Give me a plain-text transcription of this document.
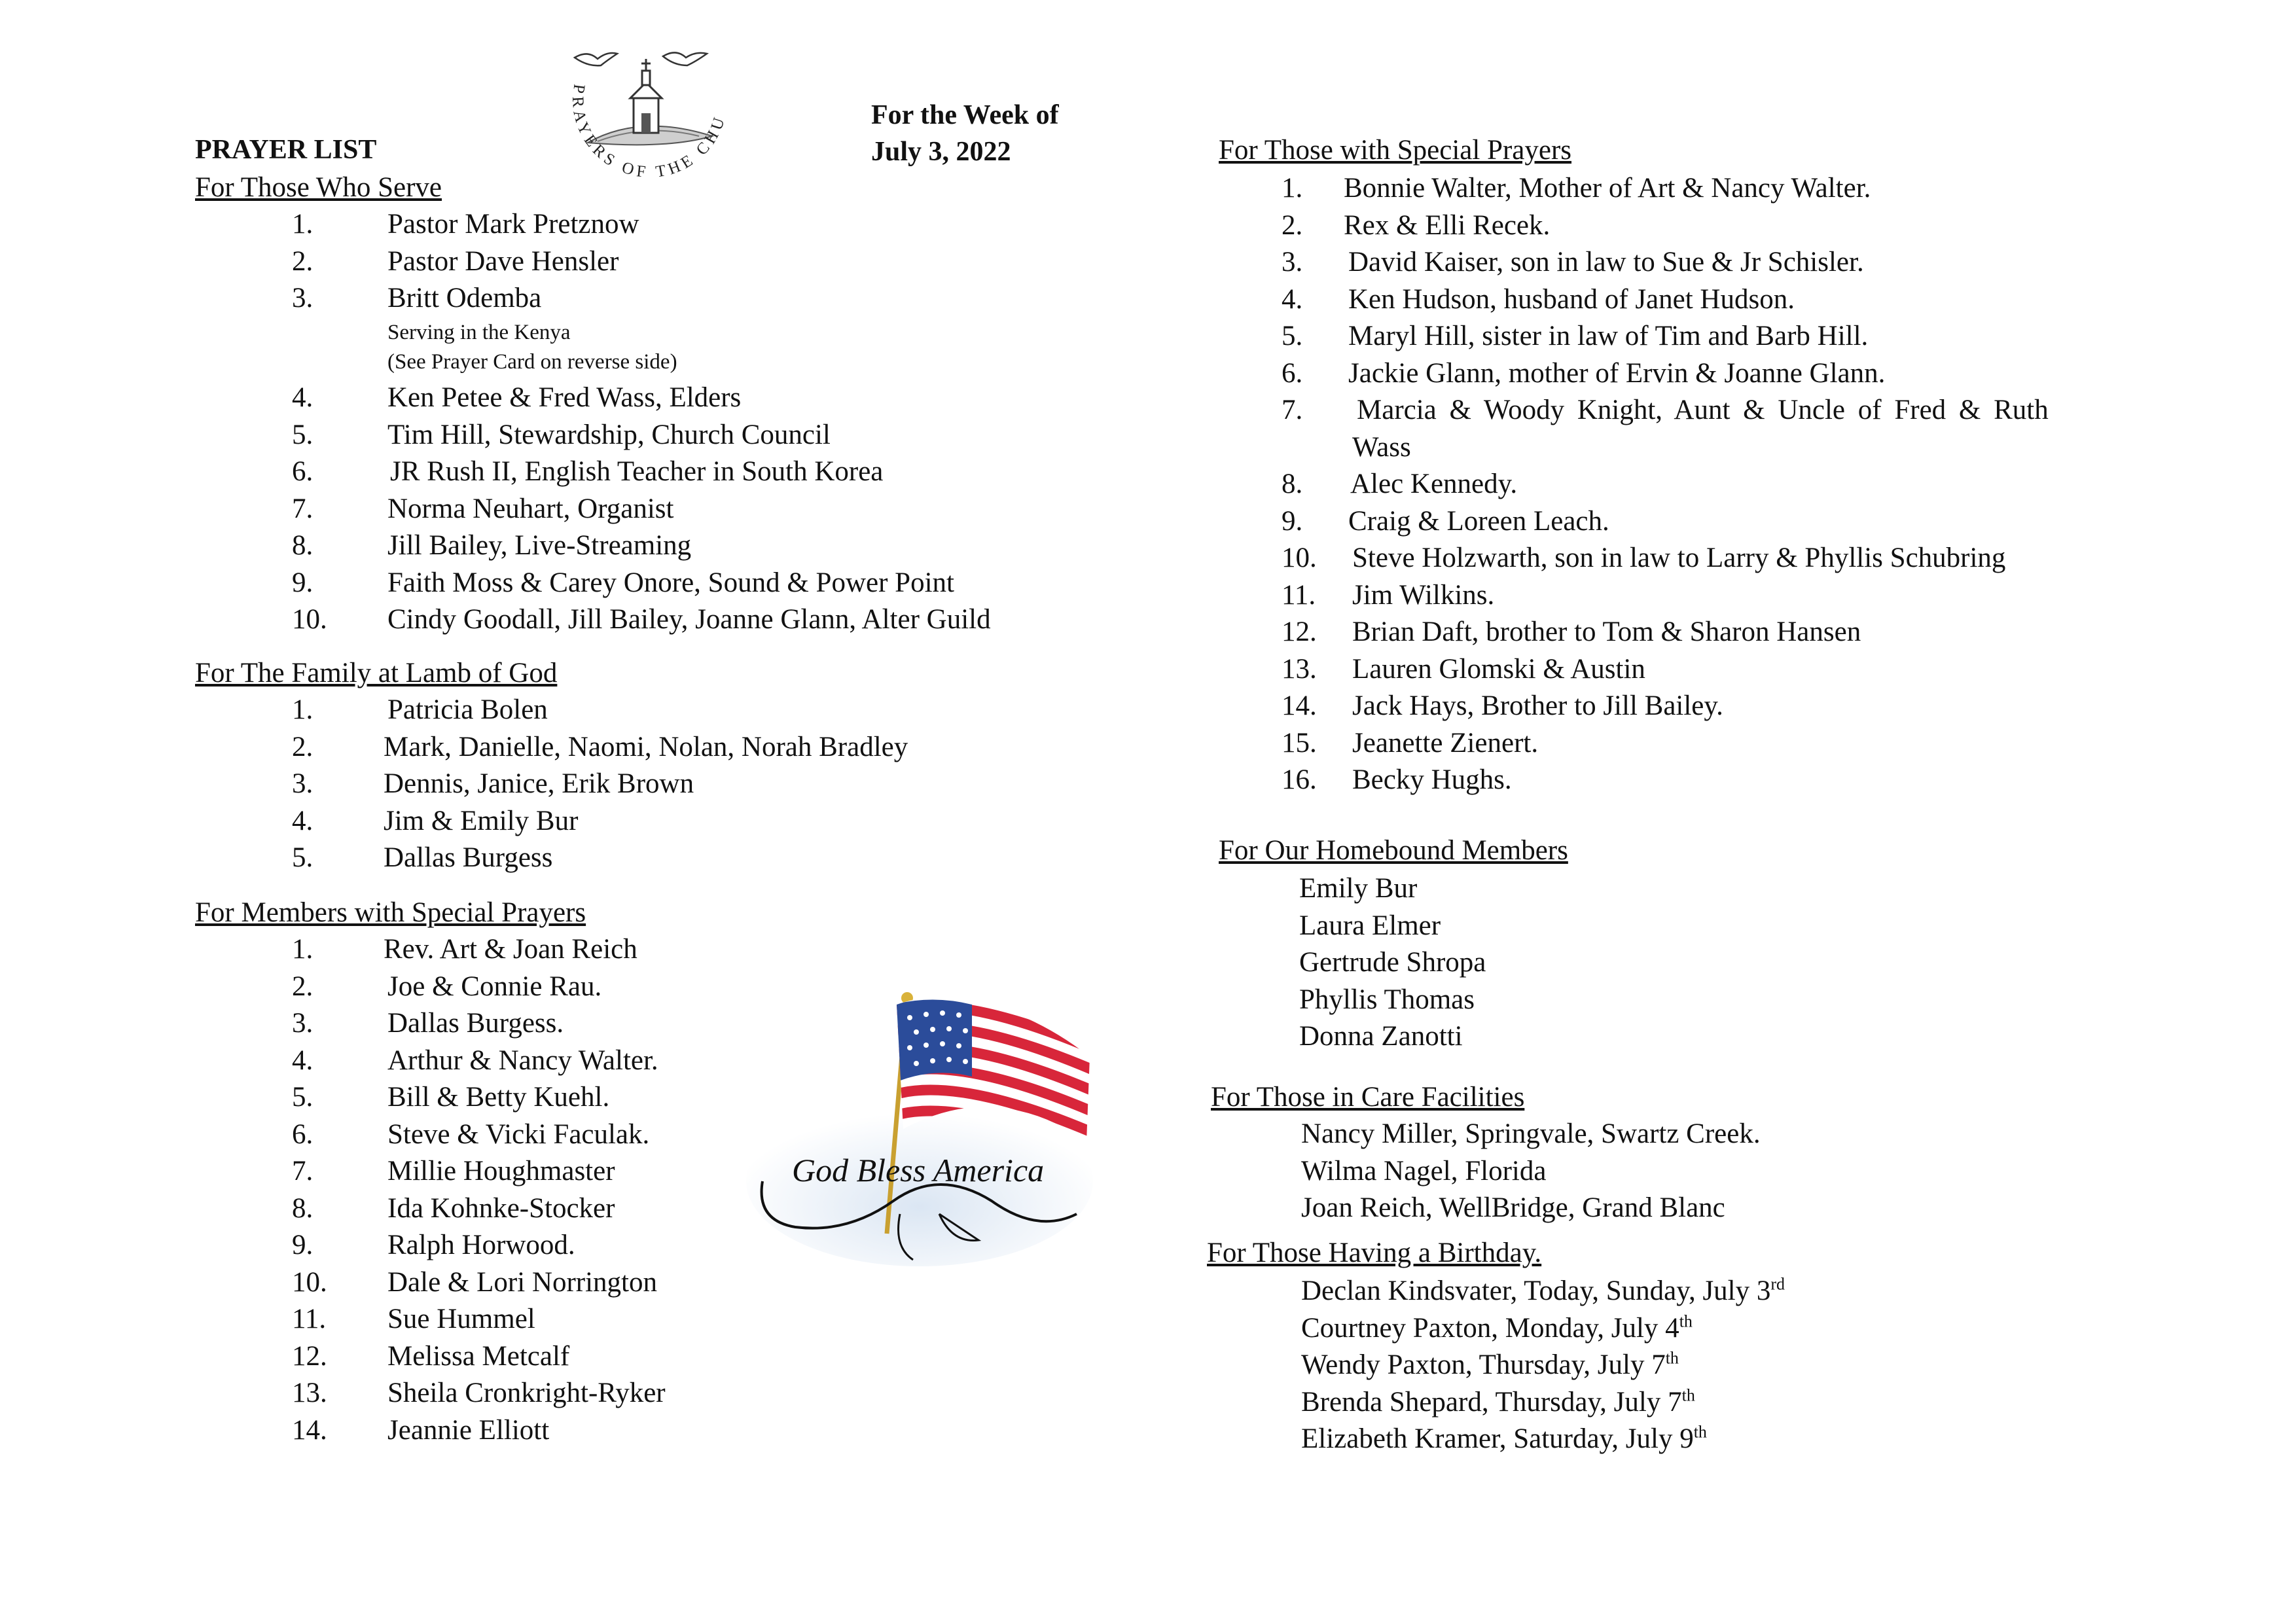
PRAYER LIST
For the Week of
July 3, 2022
PRAYERS OF THE CHU
For Those Who Serve
1.	Pastor Mark Pretznow
2.	Pastor Dave Hensler
3.	Britt Odemba
Serving in the Kenya
(See Prayer Card on reverse side)
4.	Ken Petee & Fred Wass, Elders
5.	Tim Hill, Stewardship, Church Council
6.	JR Rush II, English Teacher in South Korea
7.	Norma Neuhart, Organist
8.	Jill Bailey, Live-Streaming
9.	Faith Moss & Carey Onore, Sound & Power Point
10. Cindy Goodall, Jill Bailey, Joanne Glann, Alter Guild
For The Family at Lamb of God
1.	Patricia Bolen
2.	Mark, Danielle, Naomi, Nolan, Norah Bradley
3.	Dennis, Janice, Erik Brown
4.	Jim & Emily Bur
5.	Dallas Burgess
For Members with Special Prayers
1.	Rev. Art & Joan Reich
2.	Joe & Connie Rau.
3.	Dallas Burgess.
4.	Arthur & Nancy Walter.
5.	Bill & Betty Kuehl.
6.	Steve & Vicki Faculak.
7.	Millie Houghmaster
8.	Ida Kohnke-Stocker
9.	Ralph Horwood.
10. Dale & Lori Norrington
11. Sue Hummel
12. Melissa Metcalf
13. Sheila Cronkright-Ryker
14. Jeannie Elliott
God Bless America
For Those with Special Prayers
1. Bonnie Walter, Mother of Art & Nancy Walter.
2. Rex & Elli Recek.
3. David Kaiser, son in law to Sue & Jr Schisler.
4. Ken Hudson, husband of Janet Hudson.
5. Maryl Hill, sister in law of Tim and Barb Hill.
6. Jackie Glann, mother of Ervin & Joanne Glann.
7. Marcia & Woody Knight, Aunt & Uncle of Fred & Ruth
Wass
8. Alec Kennedy.
9. Craig & Loreen Leach.
10. Steve Holzwarth, son in law to Larry & Phyllis Schubring
11. Jim Wilkins.
12. Brian Daft, brother to Tom & Sharon Hansen
13. Lauren Glomski & Austin
14. Jack Hays, Brother to Jill Bailey.
15. Jeanette Zienert.
16. Becky Hughs.
For Our Homebound Members
Emily Bur
Laura Elmer
Gertrude Shropa
Phyllis Thomas
Donna Zanotti
For Those in Care Facilities
Nancy Miller, Springvale, Swartz Creek.
Wilma Nagel, Florida
Joan Reich, WellBridge, Grand Blanc
For Those Having a Birthday.
Declan Kindsvater, Today, Sunday, July 3rd
Courtney Paxton, Monday, July 4th
Wendy Paxton, Thursday, July 7th
Brenda Shepard, Thursday, July 7th
Elizabeth Kramer, Saturday, July 9th
